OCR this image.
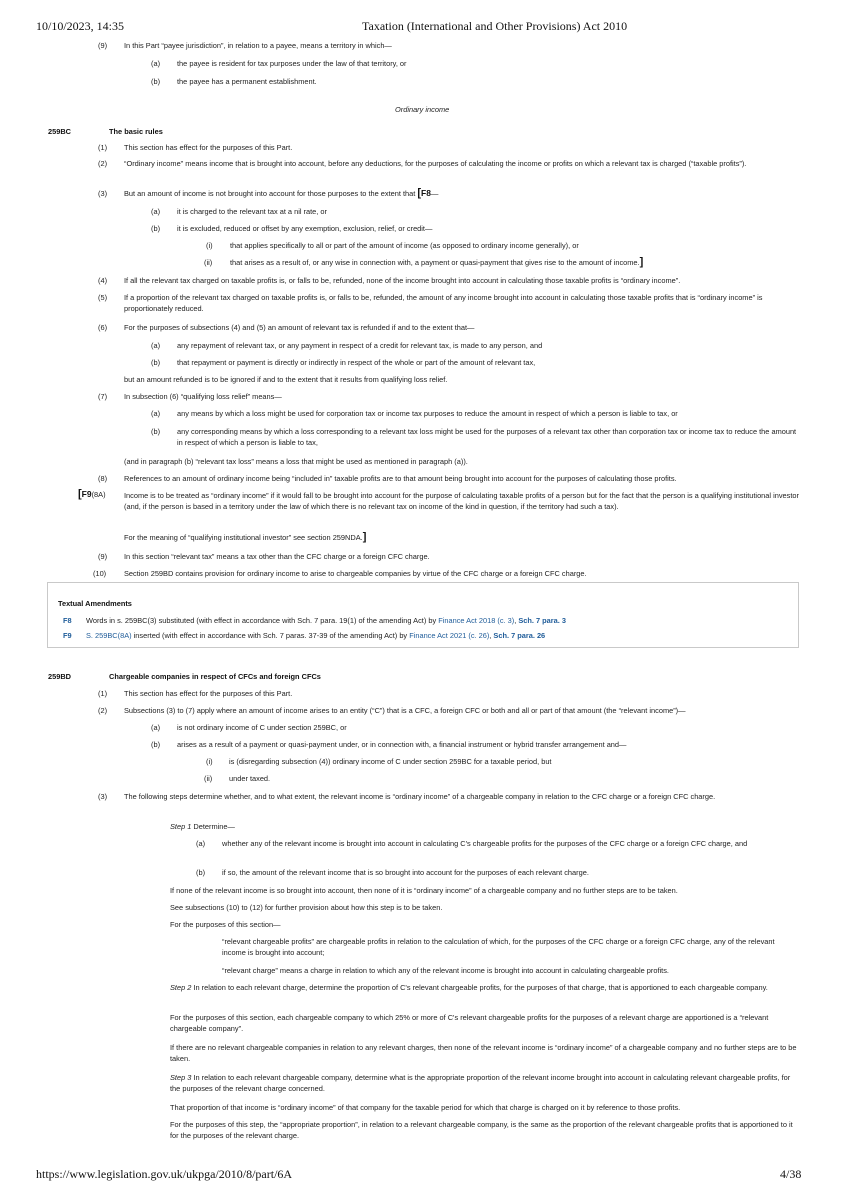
10/10/2023, 14:35	Taxation (International and Other Provisions) Act 2010
(9) In this Part “payee jurisdiction”, in relation to a payee, means a territory in which—
(a) the payee is resident for tax purposes under the law of that territory, or
(b) the payee has a permanent establishment.
Ordinary income
259BC	The basic rules
(1) This section has effect for the purposes of this Part.
(2) “Ordinary income” means income that is brought into account, before any deductions, for the purposes of calculating the income or profits on which a relevant tax is charged (“taxable profits”).
(3) But an amount of income is not brought into account for those purposes to the extent that [F8—
(a) it is charged to the relevant tax at a nil rate, or
(b) it is excluded, reduced or offset by any exemption, exclusion, relief, or credit—
(i) that applies specifically to all or part of the amount of income (as opposed to ordinary income generally), or
(ii) that arises as a result of, or any wise in connection with, a payment or quasi-payment that gives rise to the amount of income.]
(4) If all the relevant tax charged on taxable profits is, or falls to be, refunded, none of the income brought into account in calculating those taxable profits is “ordinary income”.
(5) If a proportion of the relevant tax charged on taxable profits is, or falls to be, refunded, the amount of any income brought into account in calculating those taxable profits that is “ordinary income” is proportionately reduced.
(6) For the purposes of subsections (4) and (5) an amount of relevant tax is refunded if and to the extent that—
(a) any repayment of relevant tax, or any payment in respect of a credit for relevant tax, is made to any person, and
(b) that repayment or payment is directly or indirectly in respect of the whole or part of the amount of relevant tax,
but an amount refunded is to be ignored if and to the extent that it results from qualifying loss relief.
(7) In subsection (6) “qualifying loss relief” means—
(a) any means by which a loss might be used for corporation tax or income tax purposes to reduce the amount in respect of which a person is liable to tax, or
(b) any corresponding means by which a loss corresponding to a relevant tax loss might be used for the purposes of a relevant tax other than corporation tax or income tax to reduce the amount in respect of which a person is liable to tax,
(and in paragraph (b) “relevant tax loss” means a loss that might be used as mentioned in paragraph (a)).
(8) References to an amount of ordinary income being “included in” taxable profits are to that amount being brought into account for the purposes of calculating those profits.
[F9(8A) Income is to be treated as “ordinary income” if it would fall to be brought into account for the purpose of calculating taxable profits of a person but for the fact that the person is a qualifying institutional investor (and, if the person is based in a territory under the law of which there is no relevant tax on income of the kind in question, if the territory had such a tax).
For the meaning of “qualifying institutional investor” see section 259NDA.]
(9) In this section “relevant tax” means a tax other than the CFC charge or a foreign CFC charge.
(10) Section 259BD contains provision for ordinary income to arise to chargeable companies by virtue of the CFC charge or a foreign CFC charge.
Textual Amendments
F8 Words in s. 259BC(3) substituted (with effect in accordance with Sch. 7 para. 19(1) of the amending Act) by Finance Act 2018 (c. 3), Sch. 7 para. 3
F9 S. 259BC(8A) inserted (with effect in accordance with Sch. 7 paras. 37-39 of the amending Act) by Finance Act 2021 (c. 26), Sch. 7 para. 26
259BD	Chargeable companies in respect of CFCs and foreign CFCs
(1) This section has effect for the purposes of this Part.
(2) Subsections (3) to (7) apply where an amount of income arises to an entity (“C”) that is a CFC, a foreign CFC or both and all or part of that amount (the “relevant income”)—
(a) is not ordinary income of C under section 259BC, or
(b) arises as a result of a payment or quasi-payment under, or in connection with, a financial instrument or hybrid transfer arrangement and—
(i) is (disregarding subsection (4)) ordinary income of C under section 259BC for a taxable period, but
(ii) under taxed.
(3) The following steps determine whether, and to what extent, the relevant income is “ordinary income” of a chargeable company in relation to the CFC charge or a foreign CFC charge.
Step 1 Determine—
(a) whether any of the relevant income is brought into account in calculating C's chargeable profits for the purposes of the CFC charge or a foreign CFC charge, and
(b) if so, the amount of the relevant income that is so brought into account for the purposes of each relevant charge.
If none of the relevant income is so brought into account, then none of it is “ordinary income” of a chargeable company and no further steps are to be taken.
See subsections (10) to (12) for further provision about how this step is to be taken.
For the purposes of this section—
“relevant chargeable profits” are chargeable profits in relation to the calculation of which, for the purposes of the CFC charge or a foreign CFC charge, any of the relevant income is brought into account;
“relevant charge” means a charge in relation to which any of the relevant income is brought into account in calculating chargeable profits.
Step 2 In relation to each relevant charge, determine the proportion of C's relevant chargeable profits, for the purposes of that charge, that is apportioned to each chargeable company.
For the purposes of this section, each chargeable company to which 25% or more of C's relevant chargeable profits for the purposes of a relevant charge are apportioned is a “relevant chargeable company”.
If there are no relevant chargeable companies in relation to any relevant charges, then none of the relevant income is “ordinary income” of a chargeable company and no further steps are to be taken.
Step 3 In relation to each relevant chargeable company, determine what is the appropriate proportion of the relevant income brought into account in calculating relevant chargeable profits, for the purposes of the relevant charge concerned.
That proportion of that income is “ordinary income” of that company for the taxable period for which that charge is charged on it by reference to those profits.
For the purposes of this step, the “appropriate proportion”, in relation to a relevant chargeable company, is the same as the proportion of the relevant chargeable profits that is apportioned to it for the purposes of the relevant charge.
https://www.legislation.gov.uk/ukpga/2010/8/part/6A	4/38
